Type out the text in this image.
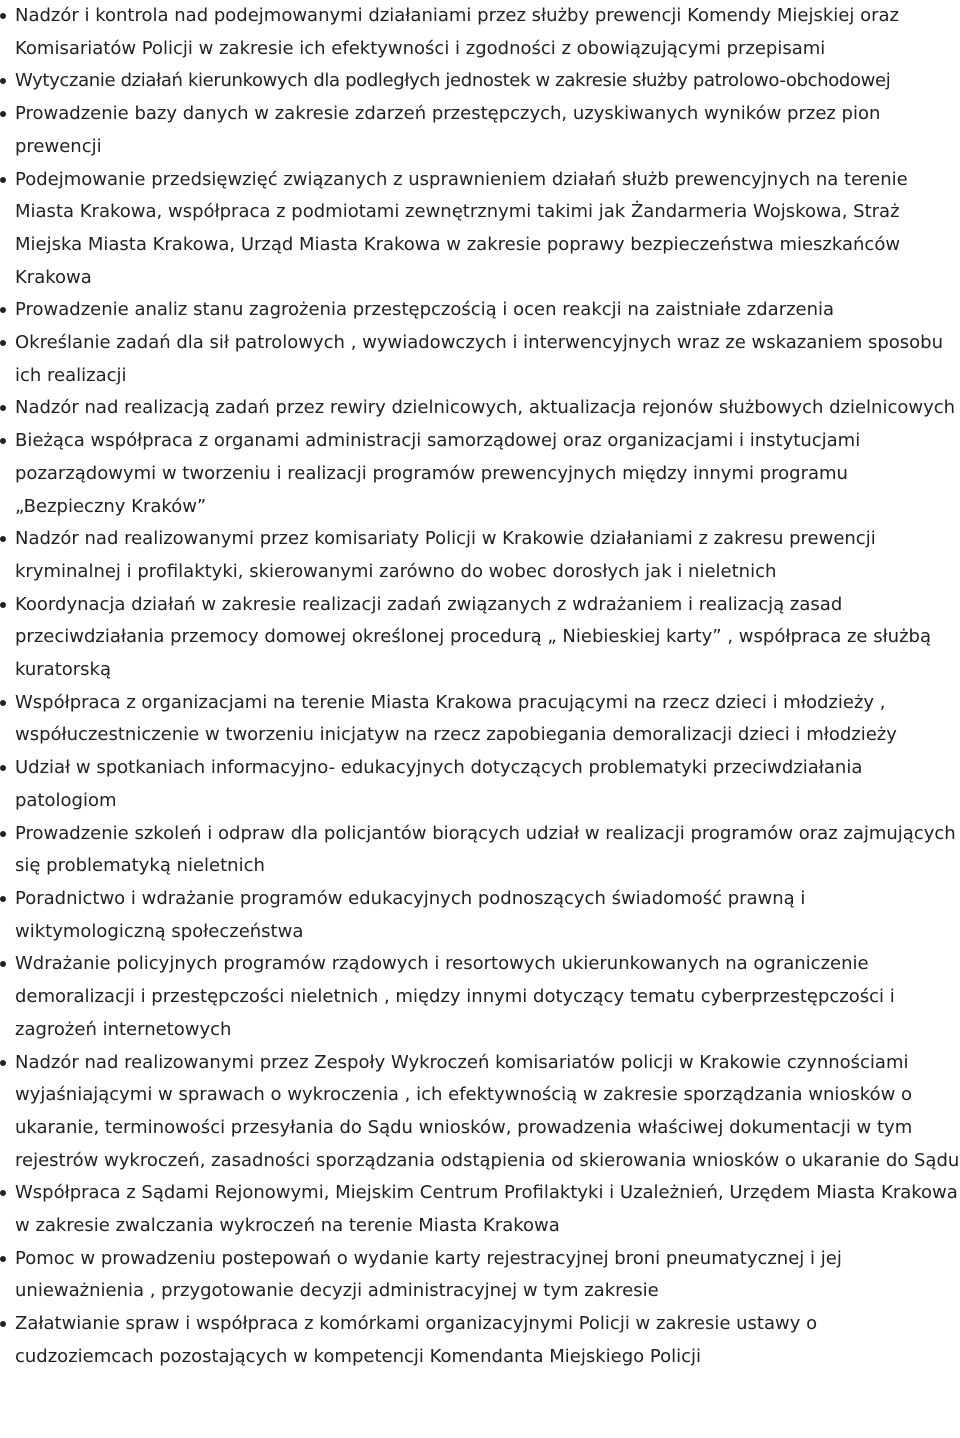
Nadzór i kontrola nad podejmowanymi działaniami przez służby prewencji Komendy Miejskiej oraz Komisariatów Policji w zakresie ich efektywności i zgodności z obowiązującymi przepisami
Wytyczanie działań kierunkowych dla podległych jednostek w zakresie służby patrolowo-obchodowej
Prowadzenie bazy danych w zakresie zdarzeń przestępczych, uzyskiwanych wyników przez pion prewencji
Podejmowanie przedsięwzięć związanych z usprawnieniem działań służb prewencyjnych na terenie Miasta Krakowa, współpraca z podmiotami zewnętrznymi takimi jak Żandarmeria Wojskowa, Straż Miejska Miasta Krakowa, Urząd Miasta Krakowa w zakresie poprawy bezpieczeństwa mieszkańców Krakowa
Prowadzenie analiz stanu zagrożenia przestępczością i ocen reakcji na zaistniałe zdarzenia
Określanie zadań dla sił patrolowych , wywiadowczych i interwencyjnych wraz ze wskazaniem sposobu ich realizacji
Nadzór nad realizacją zadań przez rewiry dzielnicowych, aktualizacja rejonów służbowych dzielnicowych
Bieżąca współpraca z organami administracji samorządowej oraz organizacjami i instytucjami pozarządowymi w tworzeniu i realizacji programów prewencyjnych między innymi programu „Bezpieczny Kraków”
Nadzór nad realizowanymi przez komisariaty Policji w Krakowie działaniami z zakresu prewencji kryminalnej i profilaktyki, skierowanymi zarówno do wobec dorosłych jak i nieletnich
Koordynacja działań w zakresie realizacji zadań związanych z wdrażaniem i realizacją zasad przeciwdziałania przemocy domowej określonej procedurą „ Niebieskiej karty” , współpraca ze służbą kuratorską
Współpraca z organizacjami na terenie Miasta Krakowa pracującymi na rzecz dzieci i młodzieży , współuczestniczenie w tworzeniu inicjatyw na rzecz zapobiegania demoralizacji dzieci i młodzieży
Udział w spotkaniach informacyjno- edukacyjnych dotyczących problematyki przeciwdziałania patologiom
Prowadzenie szkoleń i odpraw dla policjantów biorących udział w realizacji programów oraz zajmujących się problematyką nieletnich
Poradnictwo i wdrażanie programów edukacyjnych podnoszących świadomość prawną i wiktymologiczną społeczeństwa
Wdrażanie policyjnych programów rządowych i resortowych ukierunkowanych na ograniczenie demoralizacji i przestępczości nieletnich , między innymi dotyczący tematu cyberprzestępczości i zagrożeń internetowych
Nadzór nad realizowanymi przez Zespoły Wykroczeń komisariatów policji w Krakowie czynnościami wyjaśniającymi w sprawach o wykroczenia , ich efektywnością w zakresie sporządzania wniosków o ukaranie, terminowości przesyłania do Sądu wniosków, prowadzenia właściwej dokumentacji w tym rejestrów wykroczeń, zasadności sporządzania odstąpienia od skierowania wniosków o ukaranie do Sądu
Współpraca z Sądami Rejonowymi, Miejskim Centrum Profilaktyki i Uzależnień, Urzędem Miasta Krakowa w zakresie zwalczania wykroczeń na terenie Miasta Krakowa
Pomoc w prowadzeniu postepowań o wydanie karty rejestracyjnej broni pneumatycznej i jej unieważnienia , przygotowanie decyzji administracyjnej w tym zakresie
Załatwianie spraw i współpraca z komórkami organizacyjnymi Policji w zakresie ustawy o cudzoziemcach pozostających w kompetencji Komendanta Miejskiego Policji
